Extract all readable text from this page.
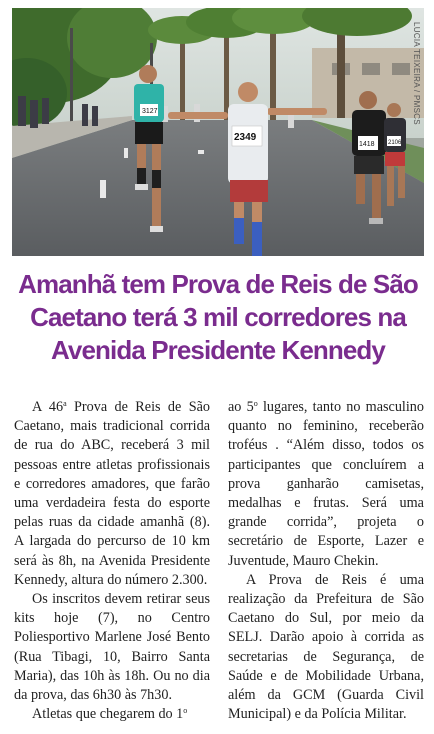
3127
2349
1418 2106
LUCIA TEIXEIRA / PMSCS
Amanhã tem Prova de Reis de São Caetano terá 3 mil corredores na Avenida Presidente Kennedy

A 46$^a$ Prova de Reis de São Caetano, mais tradicional corrida de rua do ABC, receberá 3 mil pessoas entre atletas profissionais e corredores amadores, que farão uma verdadeira festa do esporte pelas ruas da cidade amanhã (8). A largada do percurso de 10 km será às 8h, na Avenida Presidente Kennedy, altura do número 2.300.

Os inscritos devem retirar seus kits hoje (7), no Centro Poliesportivo Marlene José Bento (Rua Tibagi, 10, Bairro Santa Maria), das 10h às 18h. Ou no dia da prova, das 6h30 às 7h30.

Atletas que chegarem do 1$^o$

ao 5$^o$ lugares, tanto no masculino quanto no feminino, receberão troféus . “Além disso, todos os participantes que concluírem a prova ganharão camisetas, medalhas e frutas. Será uma grande corrida”, projeta o secretário de Esporte, Lazer e Juventude, Mauro Chekin.

A Prova de Reis é uma realização da Prefeitura de São Caetano do Sul, por meio da SELJ. Darão apoio à corrida as secretarias de Segurança, de Saúde e de Mobilidade Urbana, além da GCM (Guarda Civil Municipal) e da Polícia Militar.
